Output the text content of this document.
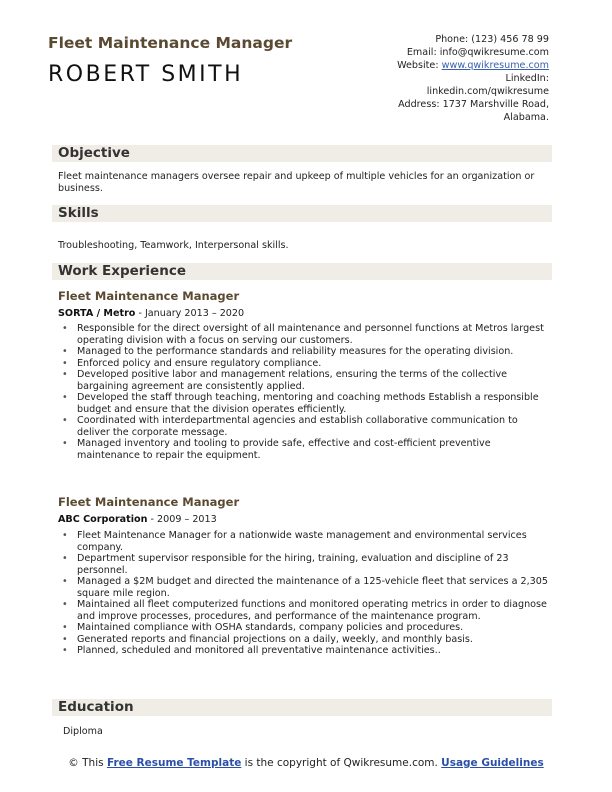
Fleet Maintenance Manager
ROBERT SMITH
Phone: (123) 456 78 99
Email: info@qwikresume.com
Website: www.qwikresume.com
LinkedIn:
linkedin.com/qwikresume
Address: 1737 Marshville Road,
Alabama.
Objective
Fleet maintenance managers oversee repair and upkeep of multiple vehicles for an organization or business.
Skills
Troubleshooting, Teamwork, Interpersonal skills.
Work Experience
Fleet Maintenance Manager
SORTA / Metro - January 2013 – 2020
• Responsible for the direct oversight of all maintenance and personnel functions at Metros largest operating division with a focus on serving our customers.
• Managed to the performance standards and reliability measures for the operating division.
• Enforced policy and ensure regulatory compliance.
• Developed positive labor and management relations, ensuring the terms of the collective bargaining agreement are consistently applied.
• Developed the staff through teaching, mentoring and coaching methods Establish a responsible budget and ensure that the division operates efficiently.
• Coordinated with interdepartmental agencies and establish collaborative communication to deliver the corporate message.
• Managed inventory and tooling to provide safe, effective and cost-efficient preventive maintenance to repair the equipment.
Fleet Maintenance Manager
ABC Corporation - 2009 – 2013
• Fleet Maintenance Manager for a nationwide waste management and environmental services company.
• Department supervisor responsible for the hiring, training, evaluation and discipline of 23 personnel.
• Managed a $2M budget and directed the maintenance of a 125-vehicle fleet that services a 2,305 square mile region.
• Maintained all fleet computerized functions and monitored operating metrics in order to diagnose and improve processes, procedures, and performance of the maintenance program.
• Maintained compliance with OSHA standards, company policies and procedures.
• Generated reports and financial projections on a daily, weekly, and monthly basis.
• Planned, scheduled and monitored all preventative maintenance activities..
Education
Diploma
© This Free Resume Template is the copyright of Qwikresume.com. Usage Guidelines
